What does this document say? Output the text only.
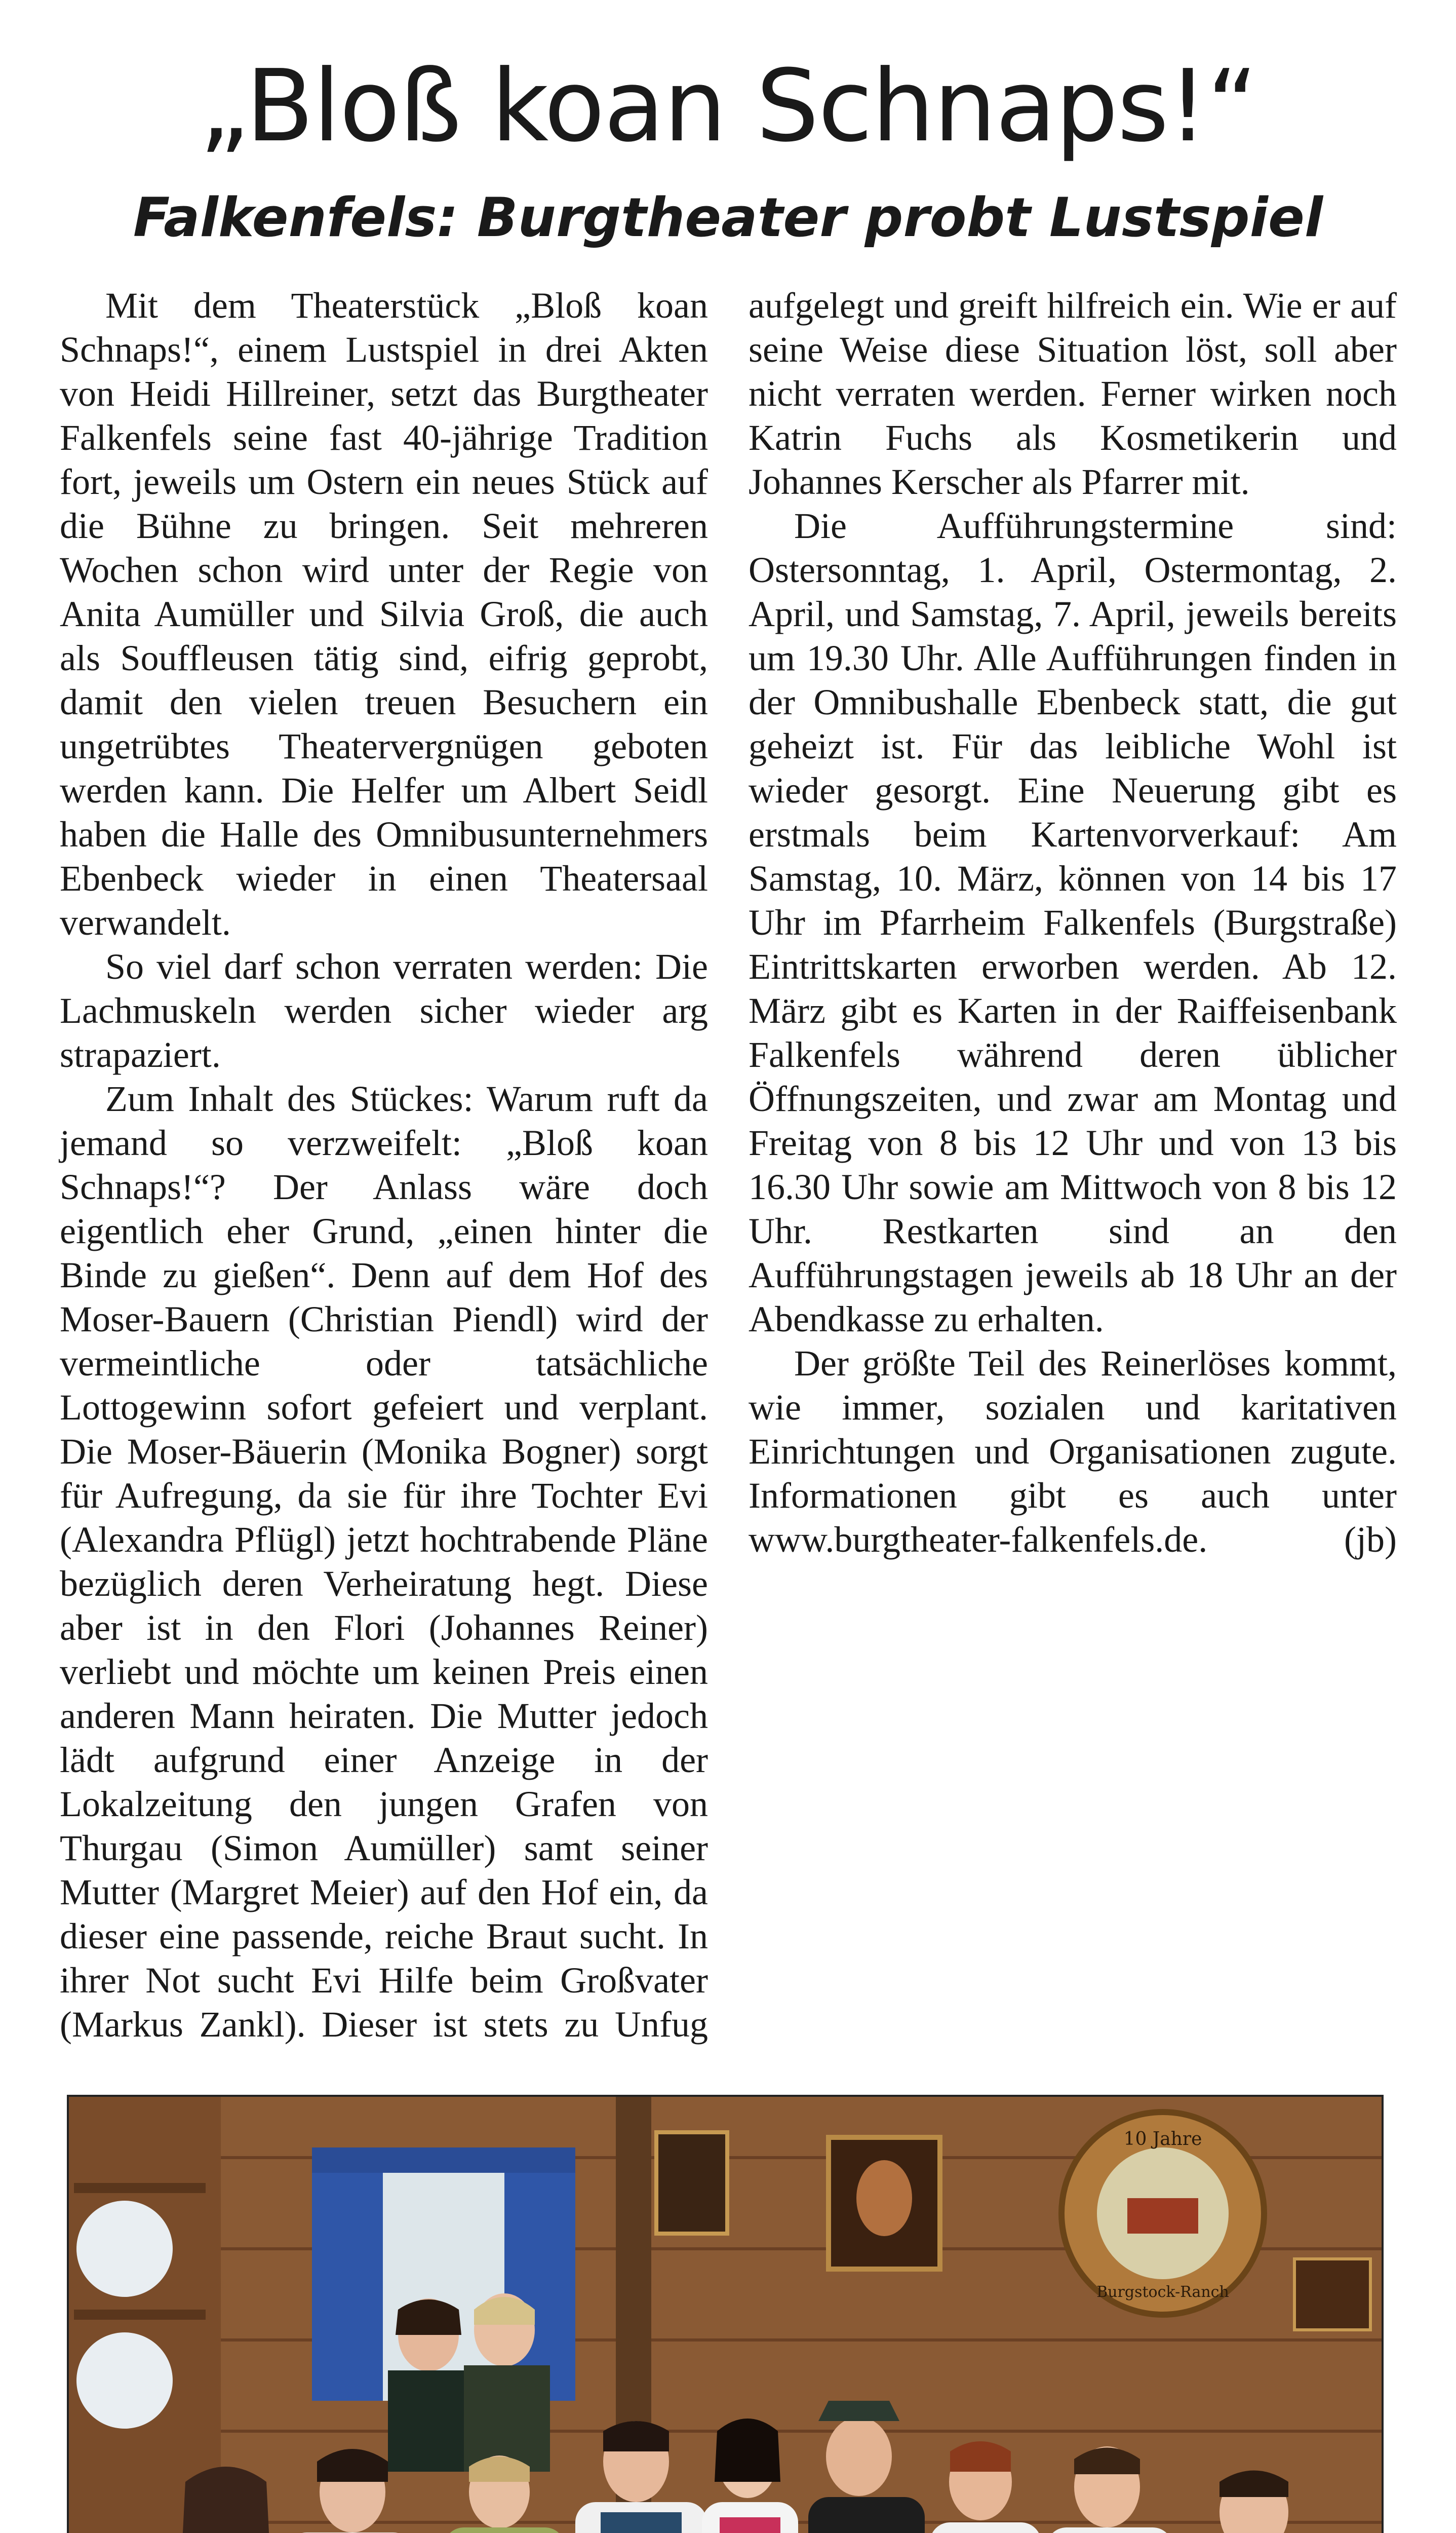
„Bloß koan Schnaps!“
Falkenfels: Burgtheater probt Lustspiel

Mit dem Theaterstück „Bloß koan Schnaps!“, einem Lustspiel in drei Akten von Heidi Hillreiner, setzt das Burgtheater Falkenfels seine fast 40-jährige Tradition fort, jeweils um Ostern ein neues Stück auf die Bühne zu bringen. Seit mehreren Wochen schon wird unter der Regie von Anita Aumüller und Silvia Groß, die auch als Souffleusen tätig sind, eifrig geprobt, damit den vielen treuen Besuchern ein ungetrübtes Theatervergnügen geboten werden kann. Die Helfer um Albert Seidl haben die Halle des Omnibusunternehmers Ebenbeck wieder in einen Theatersaal verwandelt.

So viel darf schon verraten werden: Die Lachmuskeln werden sicher wieder arg strapaziert.

Zum Inhalt des Stückes: Warum ruft da jemand so verzweifelt: „Bloß koan Schnaps!“? Der Anlass wäre doch eigentlich eher Grund, „einen hinter die Binde zu gießen“. Denn auf dem Hof des Moser-Bauern (Christian Piendl) wird der vermeintliche oder tatsächliche Lottogewinn sofort gefeiert und verplant. Die Moser-Bäuerin (Monika Bogner) sorgt für Aufregung, da sie für ihre Tochter Evi (Alexandra Pflügl) jetzt hochtrabende Pläne bezüglich deren Verheiratung hegt. Diese aber ist in den Flori (Johannes Reiner) verliebt und möchte um keinen Preis einen anderen Mann heiraten. Die Mutter jedoch lädt aufgrund einer Anzeige in der Lokalzeitung den jungen Grafen von Thurgau (Simon Aumüller) samt seiner Mutter (Margret Meier) auf den Hof ein, da dieser eine passende, reiche Braut sucht. In ihrer Not sucht Evi Hilfe beim Großvater (Markus Zankl). Dieser ist stets zu Unfug aufgelegt und greift hilfreich ein. Wie er auf seine Weise diese Situation löst, soll aber nicht verraten werden. Ferner wirken noch Katrin Fuchs als Kosmetikerin und Johannes Kerscher als Pfarrer mit.

Die Aufführungstermine sind: Ostersonntag, 1. April, Ostermontag, 2. April, und Samstag, 7. April, jeweils bereits um 19.30 Uhr. Alle Aufführungen finden in der Omnibushalle Ebenbeck statt, die gut geheizt ist. Für das leibliche Wohl ist wieder gesorgt. Eine Neuerung gibt es erstmals beim Kartenvorverkauf: Am Samstag, 10. März, können von 14 bis 17 Uhr im Pfarrheim Falkenfels (Burgstraße) Eintrittskarten erworben werden. Ab 12. März gibt es Karten in der Raiffeisenbank Falkenfels während deren üblicher Öffnungszeiten, und zwar am Montag und Freitag von 8 bis 12 Uhr und von 13 bis 16.30 Uhr sowie am Mittwoch von 8 bis 12 Uhr. Restkarten sind an den Aufführungstagen jeweils ab 18 Uhr an der Abendkasse zu erhalten.

Der größte Teil des Reinerlöses kommt, wie immer, sozialen und karitativen Einrichtungen und Organisationen zugute. Informationen gibt es auch unter www.burgtheater-falkenfels.de.	(jb)

10 Jahre
Burgstock-Ranch
